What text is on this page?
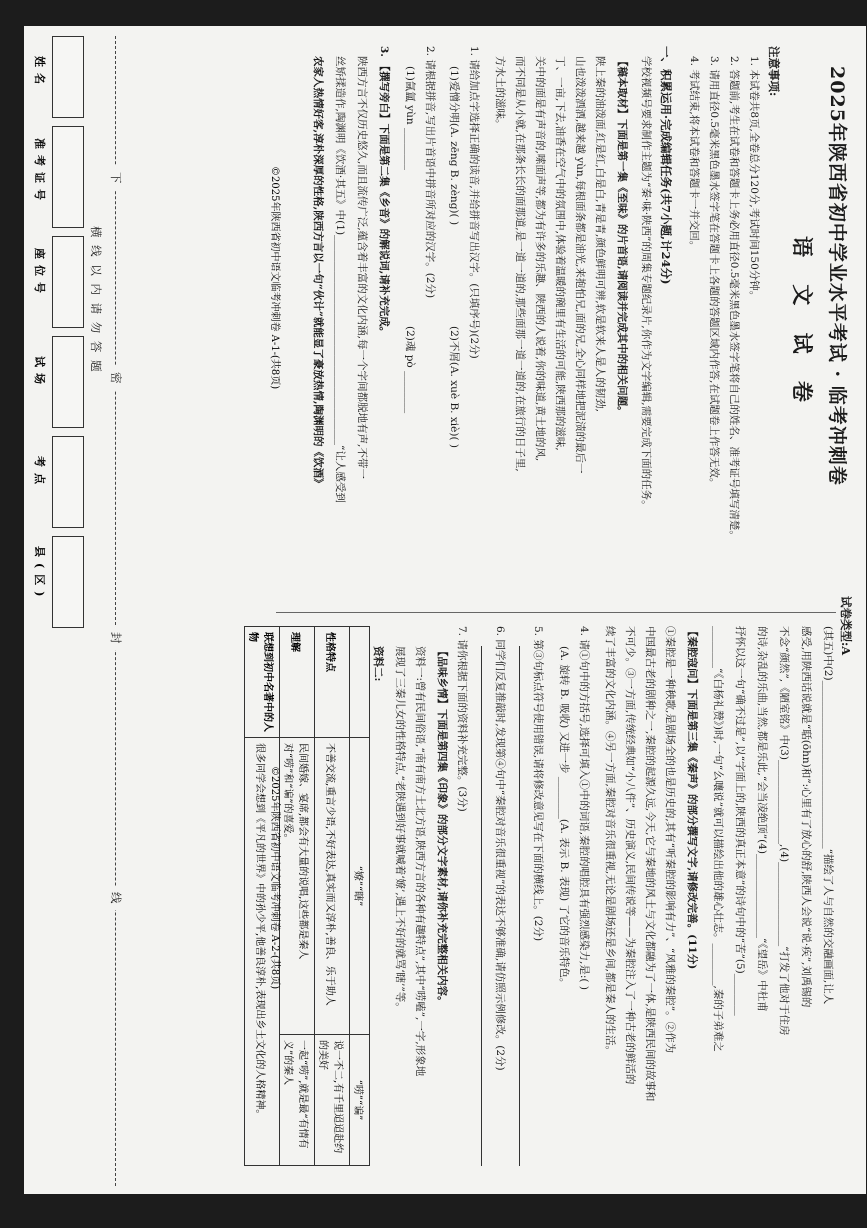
试卷类型:A
2025年陕西省初中学业水平考试 · 临考冲刺卷
语 文 试 卷
注意事项:
1. 本试卷共8页,全卷总分120分,考试时间150分钟。
2. 答题前,考生在试卷和答题卡上务必用直径0.5毫米黑色墨水签字笔将自己的姓名、准考证号填写清楚。
3. 请用直径0.5毫米黑色墨水签字笔在答题卡上各题的答题区域内作答,在试题卷上作答无效。
4. 考试结束,将本试卷和答题卡一并交回。
一、积累运用·完成编辑任务(共7小题,计24分)
学校视频号要求制作主题为“秦·味·陕西”的周集专题纪录片,你作为文字编辑,需要完成下面的任务。
【稿本取材】下面是第一集《至味》的片首语,请阅读并完成其中的相关问题。
陕上秦的油泼面,红是红,白是白,青是青,颜色鲜明可辨,软是软来人是人的韧劲,
山也泼泼洒洒,越来越 yùn,每根面条都是油光,来抱怕兄,面的兄,全心同样地把泥渍的最后一
丁、一亩,下去,油香在空气中的氛围中,体验着温暖的碗里有生活的可能,陕西那的滋味,
关中的面是有声音的,嗦面声等,都为有许多的乐趣、陕西的人说着,你的味道,黄土地的风,
而不同是从小就,在那条长长的面那道,是一道一道的,那些面那一道一道的,在旅行的日子里,
方水土的滋味。
1. 请给加点字选择正确的读音,并给拼音写出汉字。(只填序号)(2分)
(1)爱憎分明(A. zēng B. zèng)( )
(2)不屑(A. xuè B. xiè)( )
2. 请根据拼音,写出片首语中拼音所对应的汉字。(2分)
(1)氤氲 yùn ________
(2)魂 pò ________
3. 【撰写旁白】下面是第二集《乡音》的解说词,请补充完成。
陕西方言不仅历史悠久,而且流传广泛,蕴含着丰富的文化内涵,每一个字间都脱地有声,不带一
丝矫揉造作,陶渊明《饮酒·其五》中(1)________________________________________“让人感受到
农家人热情好客,淳朴深厚的性格,陕西方言以一句“伙计”就能显了豪放热情,陶渊明的《饮酒》
©2025年陕西省初中语文临考冲刺卷 A-1-(共8页)
(其五)中(2)________________________________“描绘了人与自然的交融画面,让人
感受,用陕西话说就是“聒(ōhn)和”:心里有了放心的舒,陕西人会说“说·疾”,刘禹锡的
不念“颜然”,《陋室铭》中(3)________________,(4)________________“打发了他对于住房
的诗,杂乱的乐曲,当然,都是乐此,“会当凌绝顶”(4)________________“《望岳》中杜甫
抒怀以这一句“确不过是”,以“字面上的,陕西的真正本意”的诗句中的“苦”(5)________
________“《白杨礼赞》)时,一句“么嚷说”就可以描绘出他的雄心壮志。________,秦的子弟难之
【秦腔寇问】下面是第三集《秦声》的部分撰写文字,请修改完善。(11分)
①秦腔是一种秧歌,是剧场全的也是历史的,其有“听秦腔的影响有力”、“风雅的秦腔”。②作为
中国最古老的剧种之一,秦腔的起源久远,今天,它与秦地的风土与文化都融为了一体,是陕西民间的故事和
不可少。③一方面,传统经典如“小八件”、历史演义,民间传说等——为秦腔注入了一种古老的鲜活的
续了丰富的文化内涵。④另一方面,秦腔对音乐很重视,无论是剧场还是乡间,都是秦人的生活。
4. 请①句中的方括号,选择可填入①中的词语,秦腔的唱腔具有强烈感染力,是:( )
(A. 旋转 B. 吸收) 又进一步 ________(A. 表示 B. 表现) 了它的音乐特色。
5. 第③句标点符号使用错误,请将修改意见写在下面的横线上。(2分)
6. 同学们反复推敲时,发现第④句中“秦腔对音乐很重视”的表达不够准确,请仿照示例修改。(2分)
7. 请你根据下面的资料补充完整。(3分)
【品味乡情】下面是第四集《印象》的部分文字素材,请你补充完整相关内容。
资料一:曾有民间俗语,“南有南方土北方语,陕西方言的各种有趣特点”,其中“唠嗑”,一字,形象地
展现了三秦儿女的性格特点,“老陕遇到好事就喊着‘嫽’,遇上不好的就骂‘瞎’”等。
资料二:
	“嫽”“瞎”	“唠”“谝”
性格特点	不善交流,重言少语,不好表达,真实而又淳朴,善良、乐于助人	说一不二,有千里迢迢赴约的美好
理解	民间婚嫁、宴席,都会有大量的说唱,这些都是秦人对“唠”和“谝”的喜爱。	一起“唠”,就是最“有情有义”的秦人
联想到初中名著中的人物	很多同学会想到《平凡的世界》中的孙少平,他善良淳朴,表现出乡土文化的人格精神。	©2025年陕西省初中语文临考冲刺卷 A-2-(共8页)
下
密
封
线
横 线 以 内 请 勿 答 题
姓名
准考证号
座位号
试场
考点
县(区)
